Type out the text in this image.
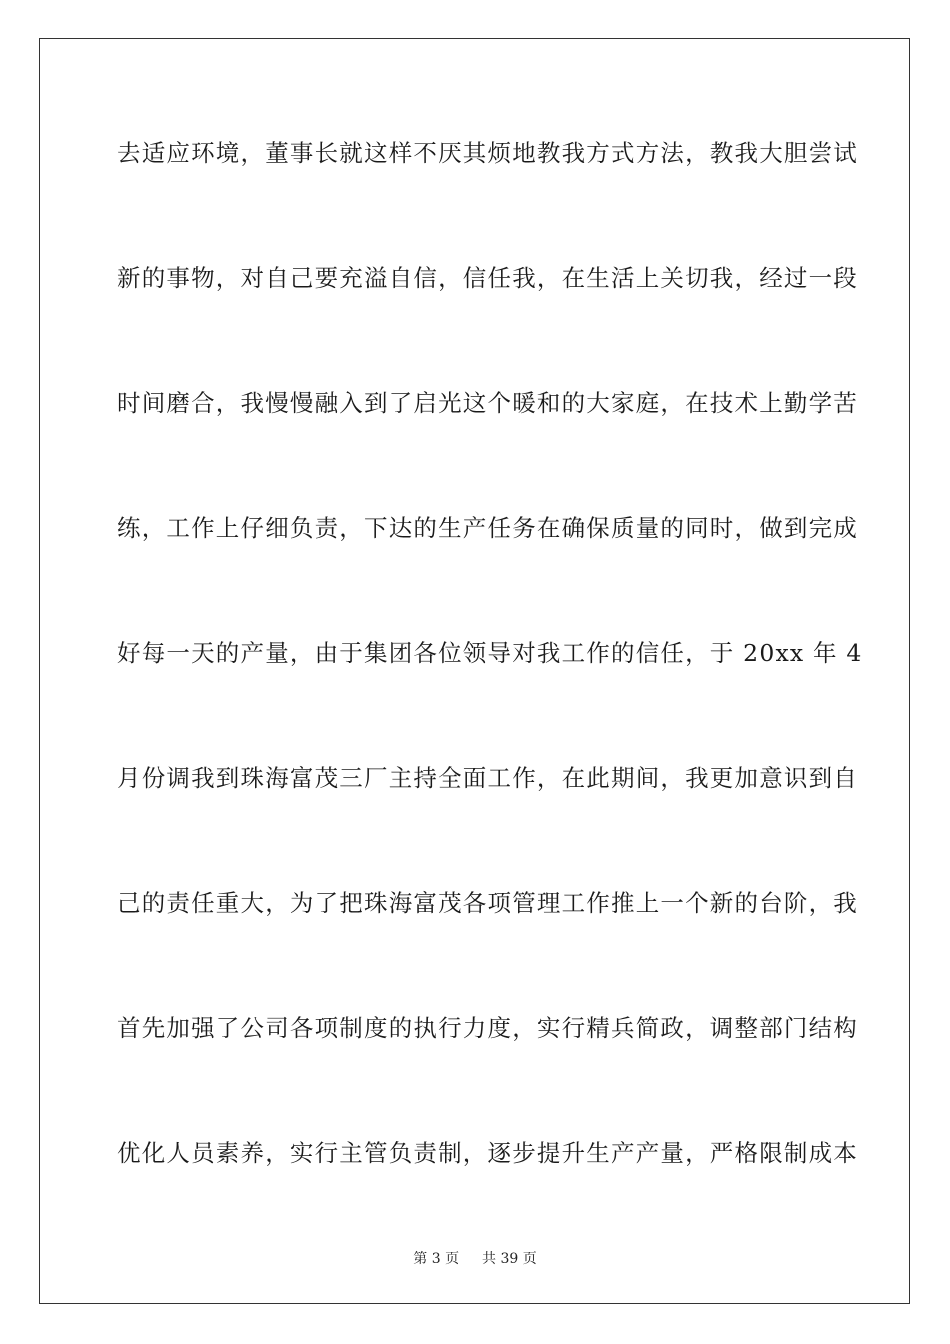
去适应环境，董事长就这样不厌其烦地教我方式方法，教我大胆尝试
新的事物，对自己要充溢自信，信任我，在生活上关切我，经过一段
时间磨合，我慢慢融入到了启光这个暖和的大家庭，在技术上勤学苦
练，工作上仔细负责，下达的生产任务在确保质量的同时，做到完成
好每一天的产量，由于集团各位领导对我工作的信任，于 20xx 年 4
月份调我到珠海富茂三厂主持全面工作，在此期间，我更加意识到自
己的责任重大，为了把珠海富茂各项管理工作推上一个新的台阶，我
首先加强了公司各项制度的执行力度，实行精兵简政，调整部门结构
优化人员素养，实行主管负责制，逐步提升生产产量，严格限制成本
第 3 页 共 39 页
